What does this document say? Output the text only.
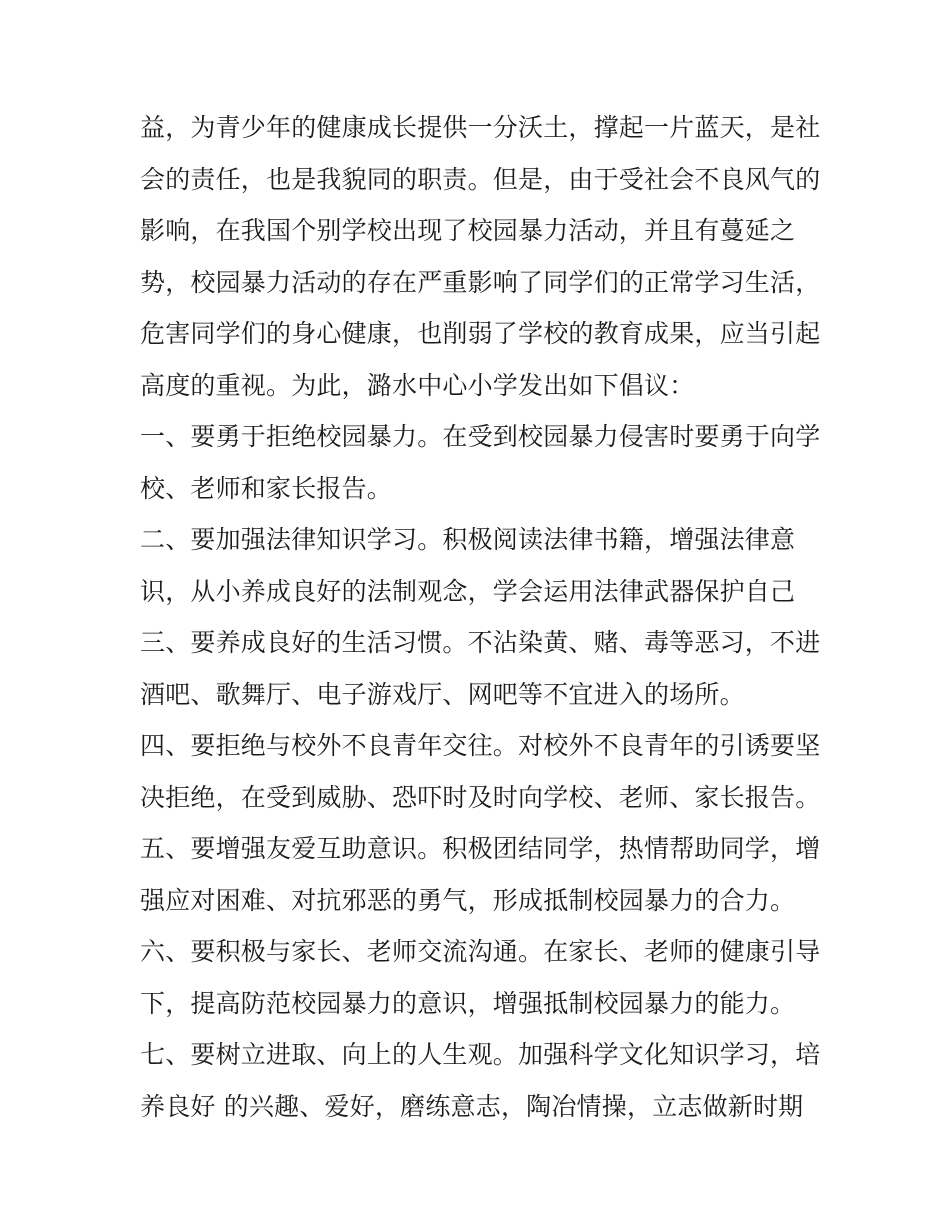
益，为青少年的健康成长提供一分沃土，撑起一片蓝天，是社
会的责任，也是我貌同的职责。但是，由于受社会不良风气的
影响，在我国个别学校出现了校园暴力活动，并且有蔓延之
势，校园暴力活动的存在严重影响了同学们的正常学习生活，
危害同学们的身心健康，也削弱了学校的教育成果，应当引起
高度的重视。为此，潞水中心小学发出如下倡议：
一、要勇于拒绝校园暴力。在受到校园暴力侵害时要勇于向学
校、老师和家长报告。
二、要加强法律知识学习。积极阅读法律书籍，增强法律意
识，从小养成良好的法制观念，学会运用法律武器保护自己
三、要养成良好的生活习惯。不沾染黄、赌、毒等恶习，不进
酒吧、歌舞厅、电子游戏厅、网吧等不宜进入的场所。
四、要拒绝与校外不良青年交往。对校外不良青年的引诱要坚
决拒绝，在受到威胁、恐吓时及时向学校、老师、家长报告。
五、要增强友爱互助意识。积极团结同学，热情帮助同学，增
强应对困难、对抗邪恶的勇气，形成抵制校园暴力的合力。
六、要积极与家长、老师交流沟通。在家长、老师的健康引导
下，提高防范校园暴力的意识，增强抵制校园暴力的能力。
七、要树立进取、向上的人生观。加强科学文化知识学习，培
养良好 的兴趣、爱好，磨练意志，陶冶情操，立志做新时期
